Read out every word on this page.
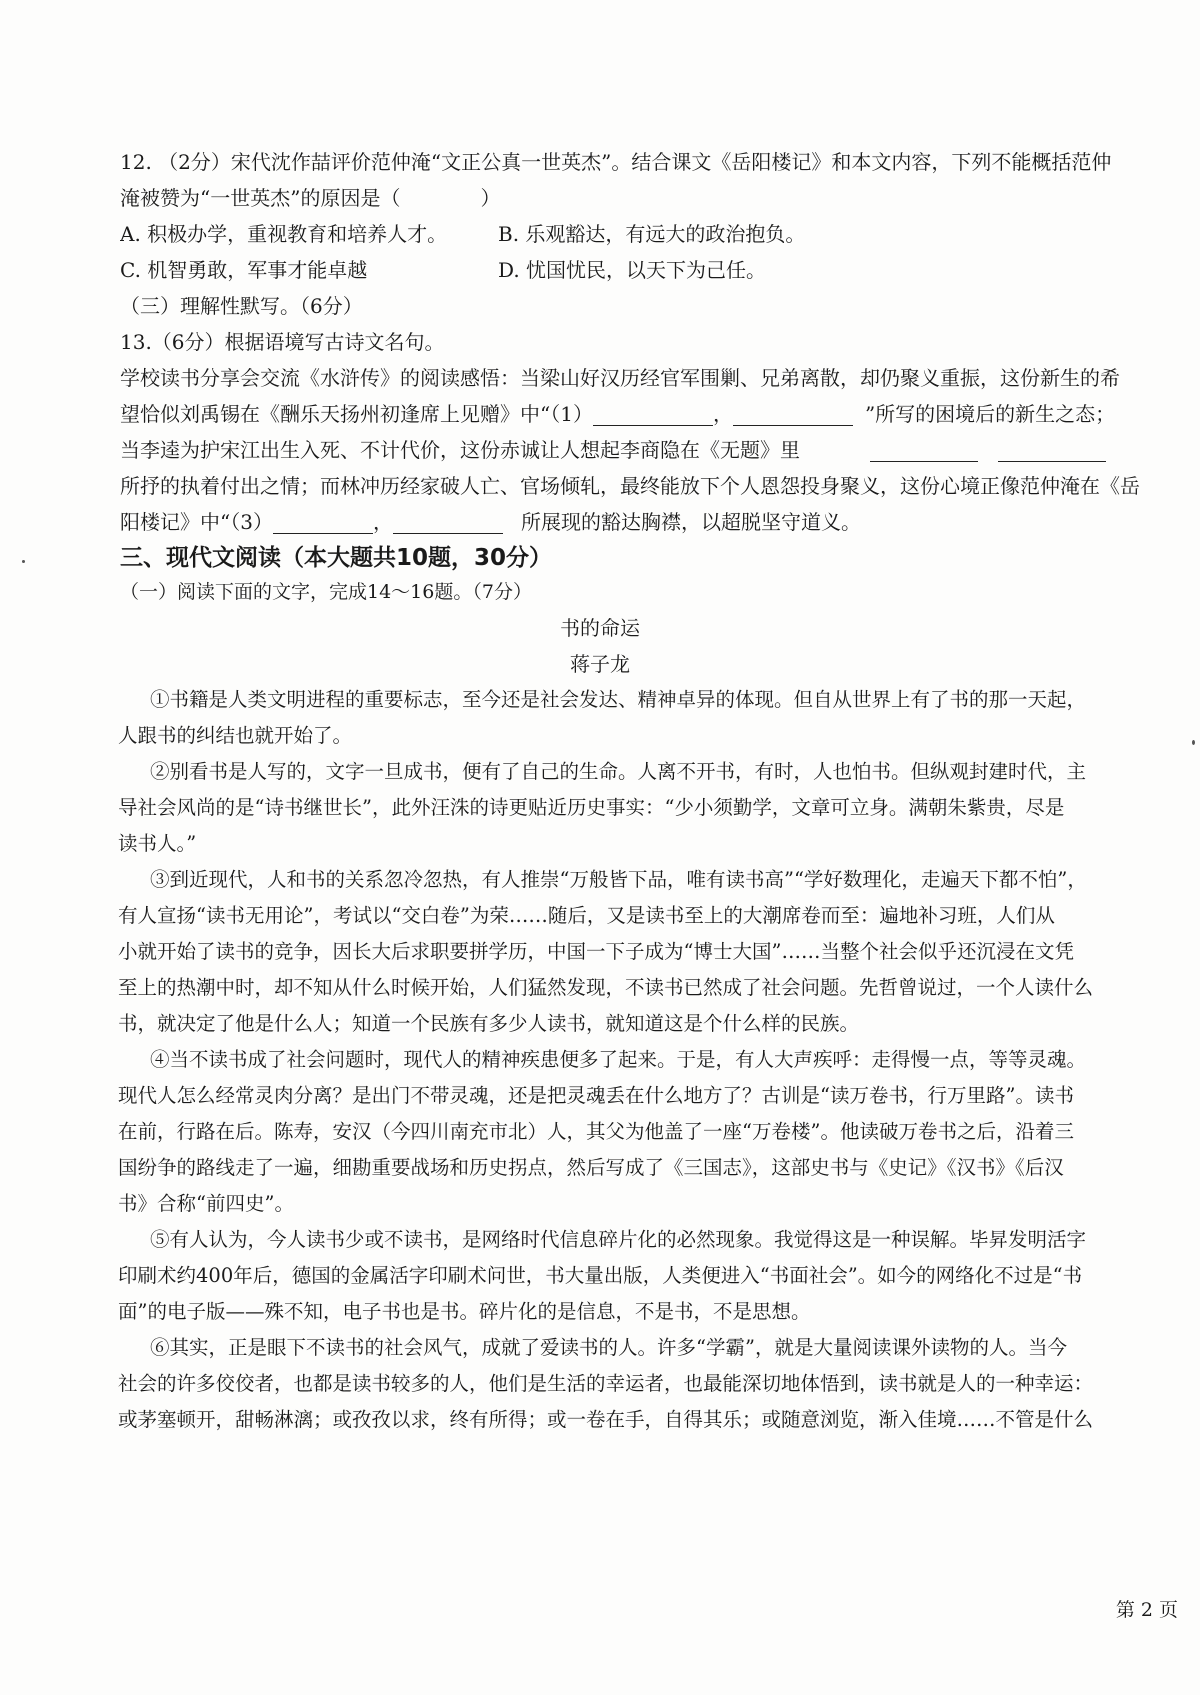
12. （2分）宋代沈作喆评价范仲淹“文正公真一世英杰”。结合课文《岳阳楼记》和本文内容，下列不能概括范仲
淹被赞为“一世英杰”的原因是（　　　　）
A. 积极办学，重视教育和培养人才。	B. 乐观豁达，有远大的政治抱负。
C. 机智勇敢，军事才能卓越	D. 忧国忧民，以天下为己任。
（三）理解性默写。（6分）
13.（6分）根据语境写古诗文名句。
学校读书分享会交流《水浒传》的阅读感悟：当梁山好汉历经官军围剿、兄弟离散，却仍聚义重振，这份新生的希
望恰似刘禹锡在《酬乐天扬州初逢席上见赠》中“（1）	，	”所写的困境后的新生之态；
当李逵为护宋江出生入死、不计代价，这份赤诚让人想起李商隐在《无题》里
所抒的执着付出之情；而林冲历经家破人亡、官场倾轧，最终能放下个人恩怨投身聚义，这份心境正像范仲淹在《岳
阳楼记》中“（3）	，	所展现的豁达胸襟，以超脱坚守道义。
三、现代文阅读（本大题共10题，30分）
（一）阅读下面的文字，完成14～16题。（7分）
书的命运
蒋子龙
①书籍是人类文明进程的重要标志，至今还是社会发达、精神卓异的体现。但自从世界上有了书的那一天起，
人跟书的纠结也就开始了。
②别看书是人写的，文字一旦成书，便有了自己的生命。人离不开书，有时，人也怕书。但纵观封建时代，主
导社会风尚的是“诗书继世长”，此外汪洙的诗更贴近历史事实：“少小须勤学，文章可立身。满朝朱紫贵，尽是
读书人。”
③到近现代，人和书的关系忽冷忽热，有人推崇“万般皆下品，唯有读书高”“学好数理化，走遍天下都不怕”，
有人宣扬“读书无用论”，考试以“交白卷”为荣……随后，又是读书至上的大潮席卷而至：遍地补习班，人们从
小就开始了读书的竞争，因长大后求职要拼学历，中国一下子成为“博士大国”……当整个社会似乎还沉浸在文凭
至上的热潮中时，却不知从什么时候开始，人们猛然发现，不读书已然成了社会问题。先哲曾说过，一个人读什么
书，就决定了他是什么人；知道一个民族有多少人读书，就知道这是个什么样的民族。
④当不读书成了社会问题时，现代人的精神疾患便多了起来。于是，有人大声疾呼：走得慢一点，等等灵魂。
现代人怎么经常灵肉分离？是出门不带灵魂，还是把灵魂丢在什么地方了？古训是“读万卷书，行万里路”。读书
在前，行路在后。陈寿，安汉（今四川南充市北）人，其父为他盖了一座“万卷楼”。他读破万卷书之后，沿着三
国纷争的路线走了一遍，细勘重要战场和历史拐点，然后写成了《三国志》，这部史书与《史记》《汉书》《后汉
书》合称“前四史”。
⑤有人认为，今人读书少或不读书，是网络时代信息碎片化的必然现象。我觉得这是一种误解。毕昇发明活字
印刷术约400年后，德国的金属活字印刷术问世，书大量出版，人类便进入“书面社会”。如今的网络化不过是“书
面”的电子版——殊不知，电子书也是书。碎片化的是信息，不是书，不是思想。
⑥其实，正是眼下不读书的社会风气，成就了爱读书的人。许多“学霸”，就是大量阅读课外读物的人。当今
社会的许多佼佼者，也都是读书较多的人，他们是生活的幸运者，也最能深切地体悟到，读书就是人的一种幸运：
或茅塞顿开，甜畅淋漓；或孜孜以求，终有所得；或一卷在手，自得其乐；或随意浏览，渐入佳境……不管是什么
第 2 页
